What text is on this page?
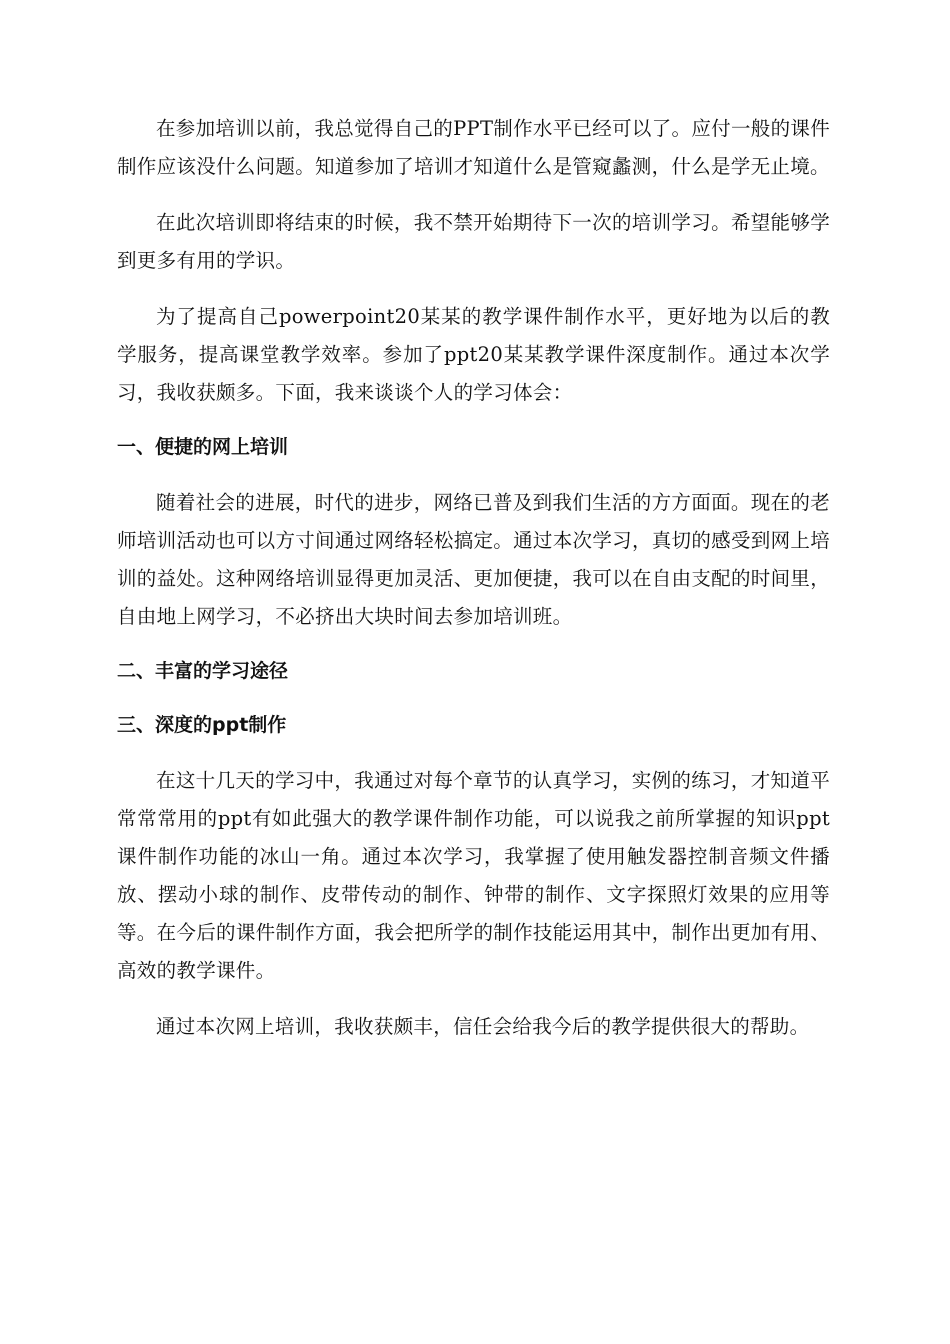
在参加培训以前，我总觉得自己的PPT制作水平已经可以了。应付一般的课件制作应该没什么问题。知道参加了培训才知道什么是管窥蠡测，什么是学无止境。

在此次培训即将结束的时候，我不禁开始期待下一次的培训学习。希望能够学到更多有用的学识。

为了提高自己powerpoint20某某的教学课件制作水平，更好地为以后的教学服务，提高课堂教学效率。参加了ppt20某某教学课件深度制作。通过本次学习，我收获颇多。下面，我来谈谈个人的学习体会：

一、便捷的网上培训

随着社会的进展，时代的进步，网络已普及到我们生活的方方面面。现在的老师培训活动也可以方寸间通过网络轻松搞定。通过本次学习，真切的感受到网上培训的益处。这种网络培训显得更加灵活、更加便捷，我可以在自由支配的时间里，自由地上网学习，不必挤出大块时间去参加培训班。

二、丰富的学习途径
三、深度的ppt制作

在这十几天的学习中，我通过对每个章节的认真学习，实例的练习，才知道平常常常用的ppt有如此强大的教学课件制作功能，可以说我之前所掌握的知识ppt课件制作功能的冰山一角。通过本次学习，我掌握了使用触发器控制音频文件播放、摆动小球的制作、皮带传动的制作、钟带的制作、文字探照灯效果的应用等等。在今后的课件制作方面，我会把所学的制作技能运用其中，制作出更加有用、高效的教学课件。

通过本次网上培训，我收获颇丰，信任会给我今后的教学提供很大的帮助。
